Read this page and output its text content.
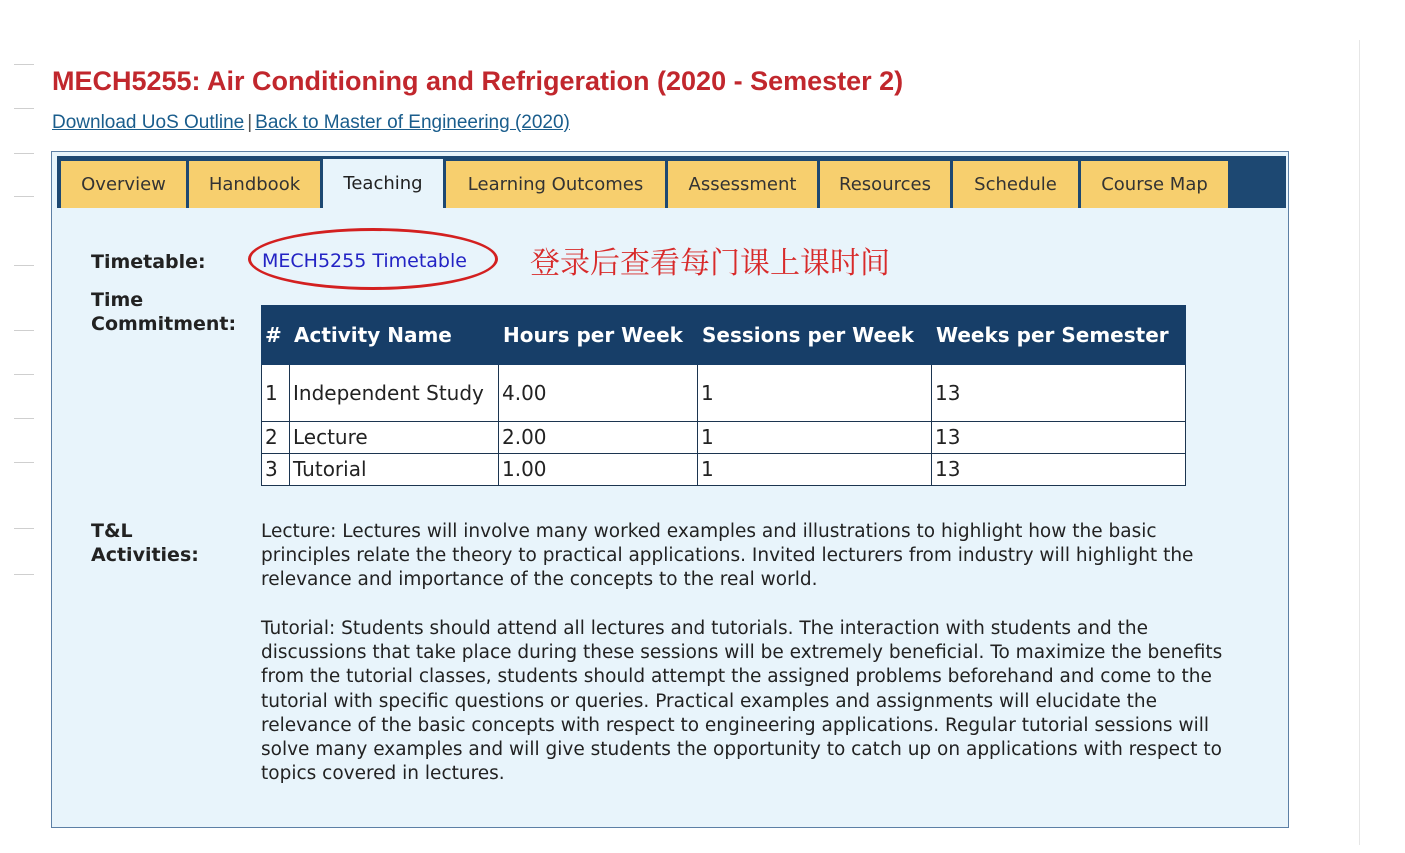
MECH5255: Air Conditioning and Refrigeration (2020 - Semester 2)
Download UoS Outline | Back to Master of Engineering (2020)
Overview	Handbook	Teaching	Learning Outcomes	Assessment	Resources	Schedule	Course Map
Timetable:	MECH5255 Timetable 登录后查看每门课上课时间
Time
Commitment: #	Activity Name	Hours per Week	Sessions per Week	Weeks per Semester
1	Independent Study	4.00	1	13
2	Lecture	2.00	1	13
3	Tutorial	1.00	1	13
T&L
Activities:

Lecture: Lectures will involve many worked examples and illustrations to highlight how the basic principles relate the theory to practical applications. Invited lecturers from industry will highlight the relevance and importance of the concepts to the real world.

Tutorial: Students should attend all lectures and tutorials. The interaction with students and the discussions that take place during these sessions will be extremely beneficial. To maximize the benefits from the tutorial classes, students should attempt the assigned problems beforehand and come to the tutorial with specific questions or queries. Practical examples and assignments will elucidate the relevance of the basic concepts with respect to engineering applications. Regular tutorial sessions will solve many examples and will give students the opportunity to catch up on applications with respect to topics covered in lectures.
